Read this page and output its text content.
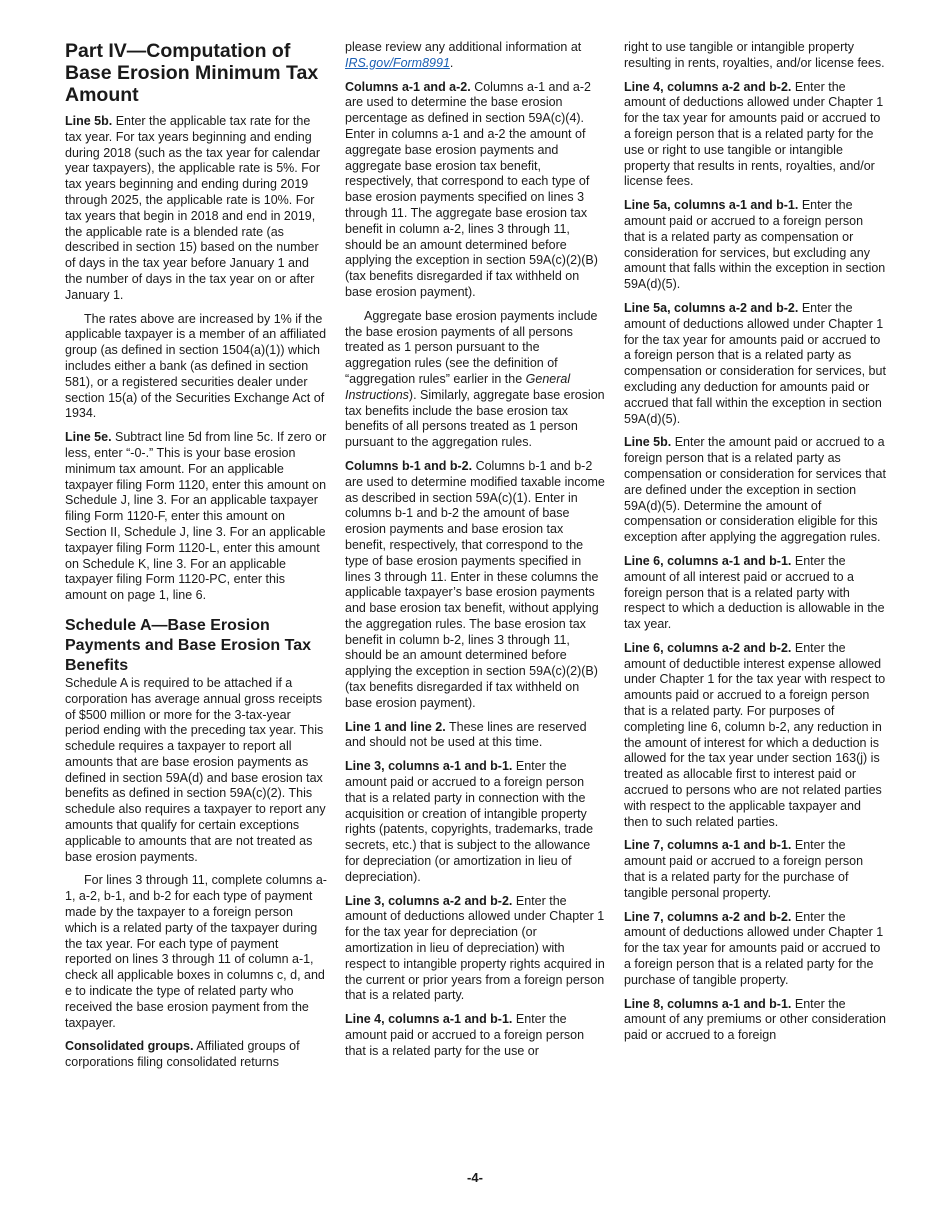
Part IV—Computation of Base Erosion Minimum Tax Amount

Line 5b. Enter the applicable tax rate for the tax year. For tax years beginning and ending during 2018 (such as the tax year for calendar year taxpayers), the applicable rate is 5%. For tax years beginning and ending during 2019 through 2025, the applicable rate is 10%. For tax years that begin in 2018 and end in 2019, the applicable rate is a blended rate (as described in section 15) based on the number of days in the tax year before January 1 and the number of days in the tax year on or after January 1.

The rates above are increased by 1% if the applicable taxpayer is a member of an affiliated group (as defined in section 1504(a)(1)) which includes either a bank (as defined in section 581), or a registered securities dealer under section 15(a) of the Securities Exchange Act of 1934.

Line 5e. Subtract line 5d from line 5c. If zero or less, enter “-0-.” This is your base erosion minimum tax amount. For an applicable taxpayer filing Form 1120, enter this amount on Schedule J, line 3. For an applicable taxpayer filing Form 1120-F, enter this amount on Section II, Schedule J, line 3. For an applicable taxpayer filing Form 1120-L, enter this amount on Schedule K, line 3. For an applicable taxpayer filing Form 1120-PC, enter this amount on page 1, line 6.

Schedule A—Base Erosion Payments and Base Erosion Tax Benefits

Schedule A is required to be attached if a corporation has average annual gross receipts of $500 million or more for the 3-tax-year period ending with the preceding tax year. This schedule requires a taxpayer to report all amounts that are base erosion payments as defined in section 59A(d) and base erosion tax benefits as defined in section 59A(c)(2). This schedule also requires a taxpayer to report any amounts that qualify for certain exceptions applicable to amounts that are not treated as base erosion payments.

For lines 3 through 11, complete columns a-1, a-2, b-1, and b-2 for each type of payment made by the taxpayer to a foreign person which is a related party of the taxpayer during the tax year. For each type of payment reported on lines 3 through 11 of column a-1, check all applicable boxes in columns c, d, and e to indicate the type of related party who received the base erosion payment from the taxpayer.

Consolidated groups. Affiliated groups of corporations filing consolidated returns

please review any additional information at IRS.gov/Form8991.

Columns a-1 and a-2. Columns a-1 and a-2 are used to determine the base erosion percentage as defined in section 59A(c)(4). Enter in columns a-1 and a-2 the amount of aggregate base erosion payments and aggregate base erosion tax benefit, respectively, that correspond to each type of base erosion payments specified on lines 3 through 11. The aggregate base erosion tax benefit in column a-2, lines 3 through 11, should be an amount determined before applying the exception in section 59A(c)(2)(B) (tax benefits disregarded if tax withheld on base erosion payment).

Aggregate base erosion payments include the base erosion payments of all persons treated as 1 person pursuant to the aggregation rules (see the definition of “aggregation rules” earlier in the General Instructions). Similarly, aggregate base erosion tax benefits include the base erosion tax benefits of all persons treated as 1 person pursuant to the aggregation rules.

Columns b-1 and b-2. Columns b-1 and b-2 are used to determine modified taxable income as described in section 59A(c)(1). Enter in columns b-1 and b-2 the amount of base erosion payments and base erosion tax benefit, respectively, that correspond to the type of base erosion payments specified in lines 3 through 11. Enter in these columns the applicable taxpayer’s base erosion payments and base erosion tax benefit, without applying the aggregation rules. The base erosion tax benefit in column b-2, lines 3 through 11, should be an amount determined before applying the exception in section 59A(c)(2)(B) (tax benefits disregarded if tax withheld on base erosion payment).

Line 1 and line 2. These lines are reserved and should not be used at this time.

Line 3, columns a-1 and b-1. Enter the amount paid or accrued to a foreign person that is a related party in connection with the acquisition or creation of intangible property rights (patents, copyrights, trademarks, trade secrets, etc.) that is subject to the allowance for depreciation (or amortization in lieu of depreciation).

Line 3, columns a-2 and b-2. Enter the amount of deductions allowed under Chapter 1 for the tax year for depreciation (or amortization in lieu of depreciation) with respect to intangible property rights acquired in the current or prior years from a foreign person that is a related party.

Line 4, columns a-1 and b-1. Enter the amount paid or accrued to a foreign person that is a related party for the use or

right to use tangible or intangible property resulting in rents, royalties, and/or license fees.

Line 4, columns a-2 and b-2. Enter the amount of deductions allowed under Chapter 1 for the tax year for amounts paid or accrued to a foreign person that is a related party for the use or right to use tangible or intangible property that results in rents, royalties, and/or license fees.

Line 5a, columns a-1 and b-1. Enter the amount paid or accrued to a foreign person that is a related party as compensation or consideration for services, but excluding any amount that falls within the exception in section 59A(d)(5).

Line 5a, columns a-2 and b-2. Enter the amount of deductions allowed under Chapter 1 for the tax year for amounts paid or accrued to a foreign person that is a related party as compensation or consideration for services, but excluding any deduction for amounts paid or accrued that fall within the exception in section 59A(d)(5).

Line 5b. Enter the amount paid or accrued to a foreign person that is a related party as compensation or consideration for services that are defined under the exception in section 59A(d)(5). Determine the amount of compensation or consideration eligible for this exception after applying the aggregation rules.

Line 6, columns a-1 and b-1. Enter the amount of all interest paid or accrued to a foreign person that is a related party with respect to which a deduction is allowable in the tax year.

Line 6, columns a-2 and b-2. Enter the amount of deductible interest expense allowed under Chapter 1 for the tax year with respect to amounts paid or accrued to a foreign person that is a related party. For purposes of completing line 6, column b-2, any reduction in the amount of interest for which a deduction is allowed for the tax year under section 163(j) is treated as allocable first to interest paid or accrued to persons who are not related parties with respect to the applicable taxpayer and then to such related parties.

Line 7, columns a-1 and b-1. Enter the amount paid or accrued to a foreign person that is a related party for the purchase of tangible personal property.

Line 7, columns a-2 and b-2. Enter the amount of deductions allowed under Chapter 1 for the tax year for amounts paid or accrued to a foreign person that is a related party for the purchase of tangible property.

Line 8, columns a-1 and b-1. Enter the amount of any premiums or other consideration paid or accrued to a foreign

-4-
